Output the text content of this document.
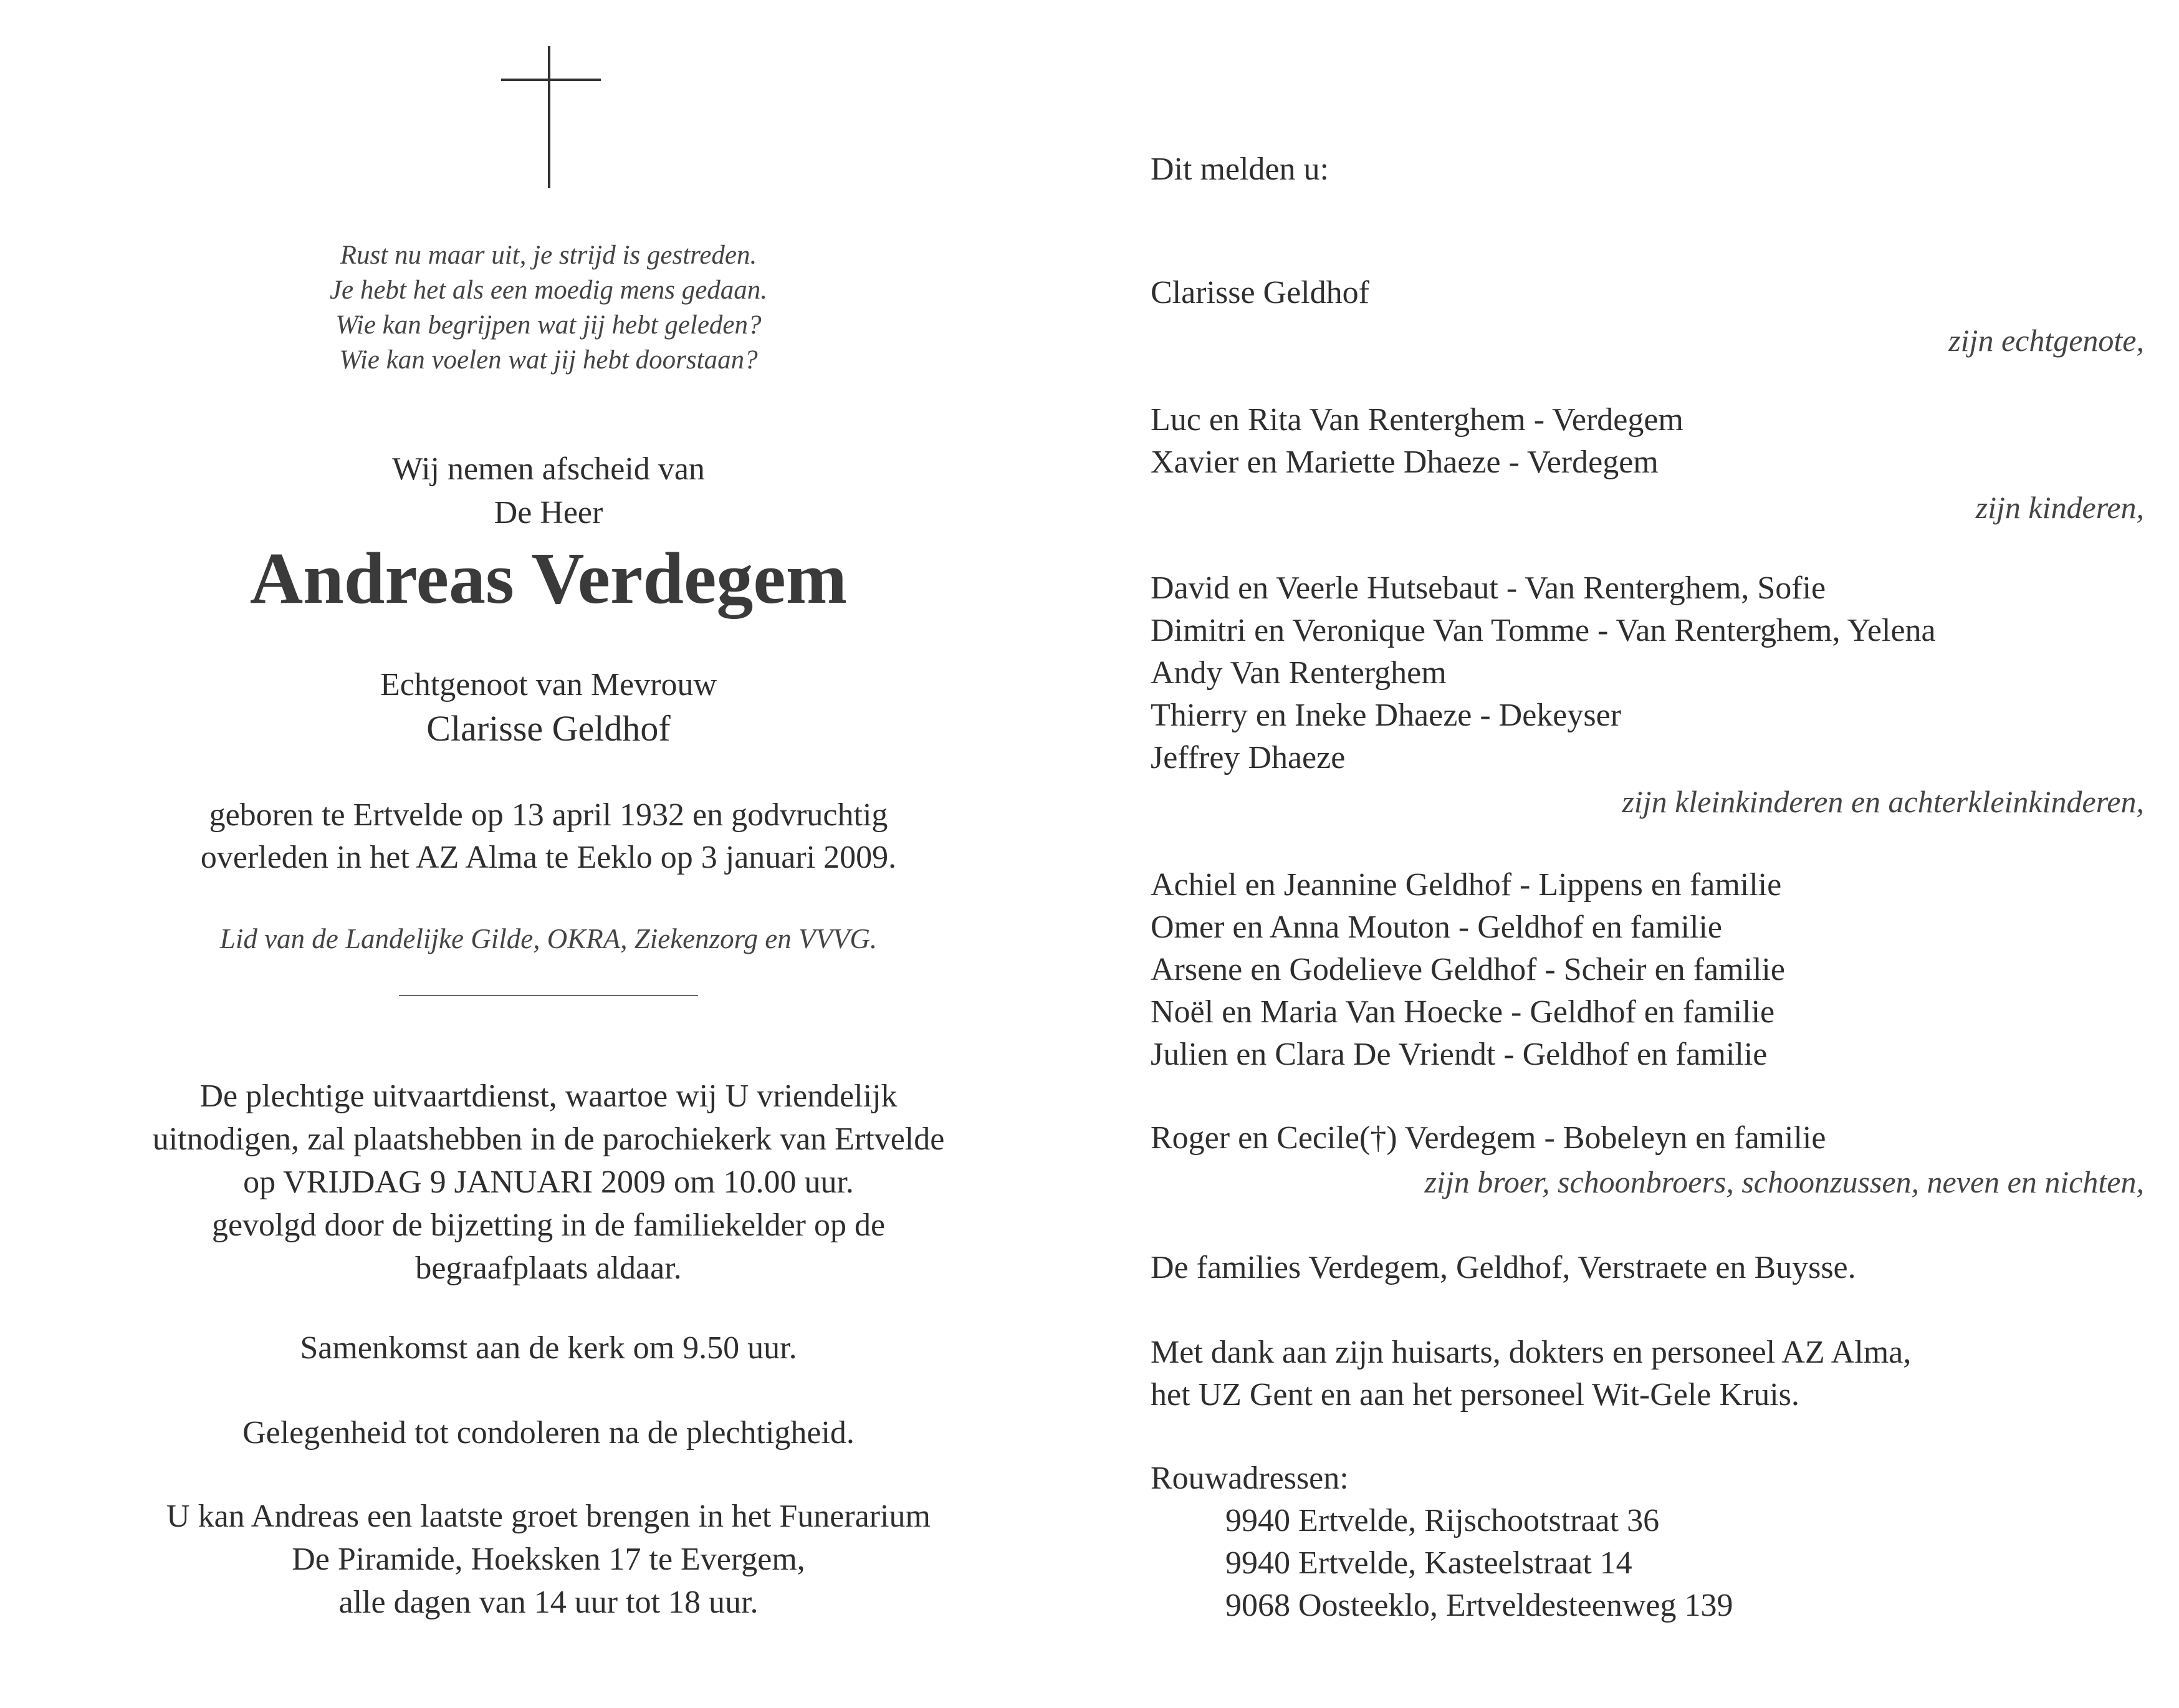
Rust nu maar uit, je strijd is gestreden.
Je hebt het als een moedig mens gedaan.
Wie kan begrijpen wat jij hebt geleden?
Wie kan voelen wat jij hebt doorstaan?
Wij nemen afscheid van
De Heer
Andreas Verdegem
Echtgenoot van Mevrouw
Clarisse Geldhof
geboren te Ertvelde op 13 april 1932 en godvruchtig
overleden in het AZ Alma te Eeklo op 3 januari 2009.
Lid van de Landelijke Gilde, OKRA, Ziekenzorg en VVVG.
De plechtige uitvaartdienst, waartoe wij U vriendelijk
uitnodigen, zal plaatshebben in de parochiekerk van Ertvelde
op VRIJDAG 9 JANUARI 2009 om 10.00 uur.
gevolgd door de bijzetting in de familiekelder op de
begraafplaats aldaar.
Samenkomst aan de kerk om 9.50 uur.
Gelegenheid tot condoleren na de plechtigheid.
U kan Andreas een laatste groet brengen in het Funerarium
De Piramide, Hoeksken 17 te Evergem,
alle dagen van 14 uur tot 18 uur.
Dit melden u:
Clarisse Geldhof
zijn echtgenote,
Luc en Rita Van Renterghem - Verdegem
Xavier en Mariette Dhaeze - Verdegem
zijn kinderen,
David en Veerle Hutsebaut - Van Renterghem, Sofie
Dimitri en Veronique Van Tomme - Van Renterghem, Yelena
Andy Van Renterghem
Thierry en Ineke Dhaeze - Dekeyser
Jeffrey Dhaeze
zijn kleinkinderen en achterkleinkinderen,
Achiel en Jeannine Geldhof - Lippens en familie
Omer en Anna Mouton - Geldhof en familie
Arsene en Godelieve Geldhof - Scheir en familie
Noël en Maria Van Hoecke - Geldhof en familie
Julien en Clara De Vriendt - Geldhof en familie
Roger en Cecile(†) Verdegem - Bobeleyn en familie
zijn broer, schoonbroers, schoonzussen, neven en nichten,
De families Verdegem, Geldhof, Verstraete en Buysse.
Met dank aan zijn huisarts, dokters en personeel AZ Alma,
het UZ Gent en aan het personeel Wit-Gele Kruis.
Rouwadressen:
9940 Ertvelde, Rijschootstraat 36
9940 Ertvelde, Kasteelstraat 14
9068 Oosteeklo, Ertveldesteenweg 139
